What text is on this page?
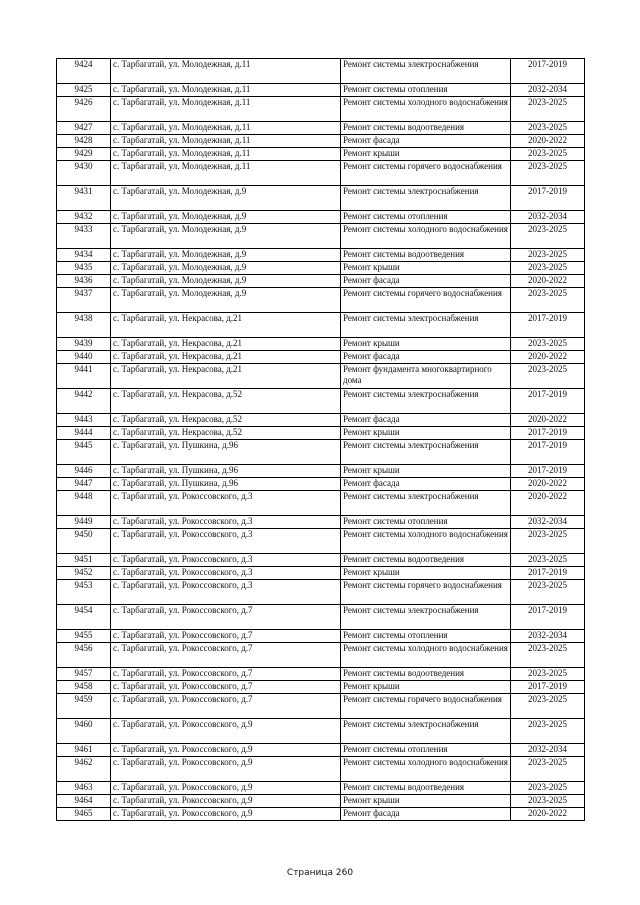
9424	с. Тарбагатай, ул. Молодежная, д.11	Ремонт системы электроснабжения	2017-2019
9425	с. Тарбагатай, ул. Молодежная, д.11	Ремонт системы отопления	2032-2034
9426	с. Тарбагатай, ул. Молодежная, д.11	Ремонт системы холодного водоснабжения	2023-2025
9427	с. Тарбагатай, ул. Молодежная, д.11	Ремонт системы водоотведения	2023-2025
9428	с. Тарбагатай, ул. Молодежная, д.11	Ремонт фасада	2020-2022
9429	с. Тарбагатай, ул. Молодежная, д.11	Ремонт крыши	2023-2025
9430	с. Тарбагатай, ул. Молодежная, д.11	Ремонт системы горячего водоснабжения	2023-2025
9431	с. Тарбагатай, ул. Молодежная, д.9	Ремонт системы электроснабжения	2017-2019
9432	с. Тарбагатай, ул. Молодежная, д.9	Ремонт системы отопления	2032-2034
9433	с. Тарбагатай, ул. Молодежная, д.9	Ремонт системы холодного водоснабжения	2023-2025
9434	с. Тарбагатай, ул. Молодежная, д.9	Ремонт системы водоотведения	2023-2025
9435	с. Тарбагатай, ул. Молодежная, д.9	Ремонт крыши	2023-2025
9436	с. Тарбагатай, ул. Молодежная, д.9	Ремонт фасада	2020-2022
9437	с. Тарбагатай, ул. Молодежная, д.9	Ремонт системы горячего водоснабжения	2023-2025
9438	с. Тарбагатай, ул. Некрасова, д.21	Ремонт системы электроснабжения	2017-2019
9439	с. Тарбагатай, ул. Некрасова, д.21	Ремонт крыши	2023-2025
9440	с. Тарбагатай, ул. Некрасова, д.21	Ремонт фасада	2020-2022
9441	с. Тарбагатай, ул. Некрасова, д.21	Ремонт фундамента многоквартирного дома	2023-2025
9442	с. Тарбагатай, ул. Некрасова, д.52	Ремонт системы электроснабжения	2017-2019
9443	с. Тарбагатай, ул. Некрасова, д.52	Ремонт фасада	2020-2022
9444	с. Тарбагатай, ул. Некрасова, д.52	Ремонт крыши	2017-2019
9445	с. Тарбагатай, ул. Пушкина, д.96	Ремонт системы электроснабжения	2017-2019
9446	с. Тарбагатай, ул. Пушкина, д.96	Ремонт крыши	2017-2019
9447	с. Тарбагатай, ул. Пушкина, д.96	Ремонт фасада	2020-2022
9448	с. Тарбагатай, ул. Рокоссовского, д.3	Ремонт системы электроснабжения	2020-2022
9449	с. Тарбагатай, ул. Рокоссовского, д.3	Ремонт системы отопления	2032-2034
9450	с. Тарбагатай, ул. Рокоссовского, д.3	Ремонт системы холодного водоснабжения	2023-2025
9451	с. Тарбагатай, ул. Рокоссовского, д.3	Ремонт системы водоотведения	2023-2025
9452	с. Тарбагатай, ул. Рокоссовского, д.3	Ремонт крыши	2017-2019
9453	с. Тарбагатай, ул. Рокоссовского, д.3	Ремонт системы горячего водоснабжения	2023-2025
9454	с. Тарбагатай, ул. Рокоссовского, д.7	Ремонт системы электроснабжения	2017-2019
9455	с. Тарбагатай, ул. Рокоссовского, д.7	Ремонт системы отопления	2032-2034
9456	с. Тарбагатай, ул. Рокоссовского, д.7	Ремонт системы холодного водоснабжения	2023-2025
9457	с. Тарбагатай, ул. Рокоссовского, д.7	Ремонт системы водоотведения	2023-2025
9458	с. Тарбагатай, ул. Рокоссовского, д.7	Ремонт крыши	2017-2019
9459	с. Тарбагатай, ул. Рокоссовского, д.7	Ремонт системы горячего водоснабжения	2023-2025
9460	с. Тарбагатай, ул. Рокоссовского, д.9	Ремонт системы электроснабжения	2023-2025
9461	с. Тарбагатай, ул. Рокоссовского, д.9	Ремонт системы отопления	2032-2034
9462	с. Тарбагатай, ул. Рокоссовского, д.9	Ремонт системы холодного водоснабжения	2023-2025
9463	с. Тарбагатай, ул. Рокоссовского, д.9	Ремонт системы водоотведения	2023-2025
9464	с. Тарбагатай, ул. Рокоссовского, д.9	Ремонт крыши	2023-2025
9465	с. Тарбагатай, ул. Рокоссовского, д.9	Ремонт фасада	2020-2022
Страница 260
